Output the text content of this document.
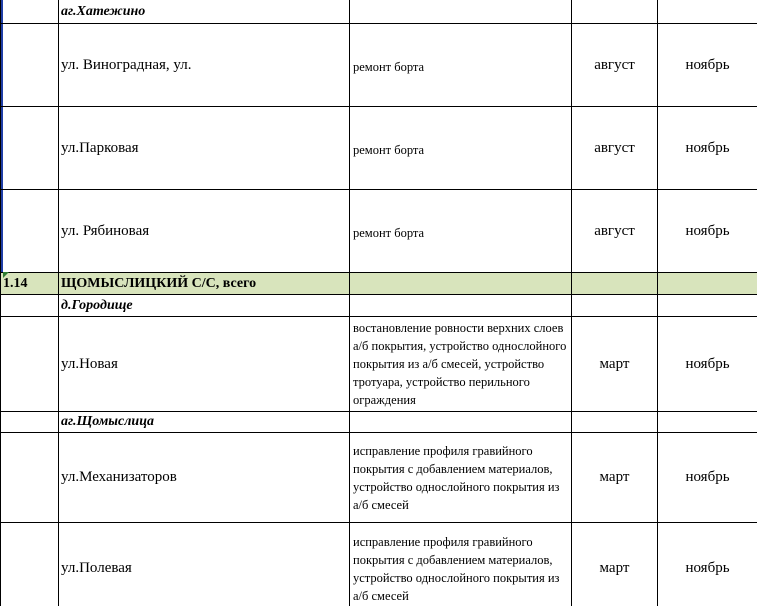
	аг.Хатежино			
	ул. Виноградная, ул.	ремонт борта	август	ноябрь
	ул.Парковая	ремонт борта	август	ноябрь
	ул. Рябиновая	ремонт борта	август	ноябрь
1.14	ЩОМЫСЛИЦКИЙ С/С, всего			
	д.Городище			
	ул.Новая	востановление ровности верхних слоев а/б покрытия, устройство однослойного покрытия из а/б смесей, устройство тротуара, устройство перильного ограждения	март	ноябрь
	аг.Щомыслица			
	ул.Механизаторов	исправление профиля гравийного покрытия с добавлением материалов, устройство однослойного покрытия из а/б смесей	март	ноябрь
	ул.Полевая	исправление профиля гравийного покрытия с добавлением материалов, устройство однослойного покрытия из а/б смесей	март	ноябрь
